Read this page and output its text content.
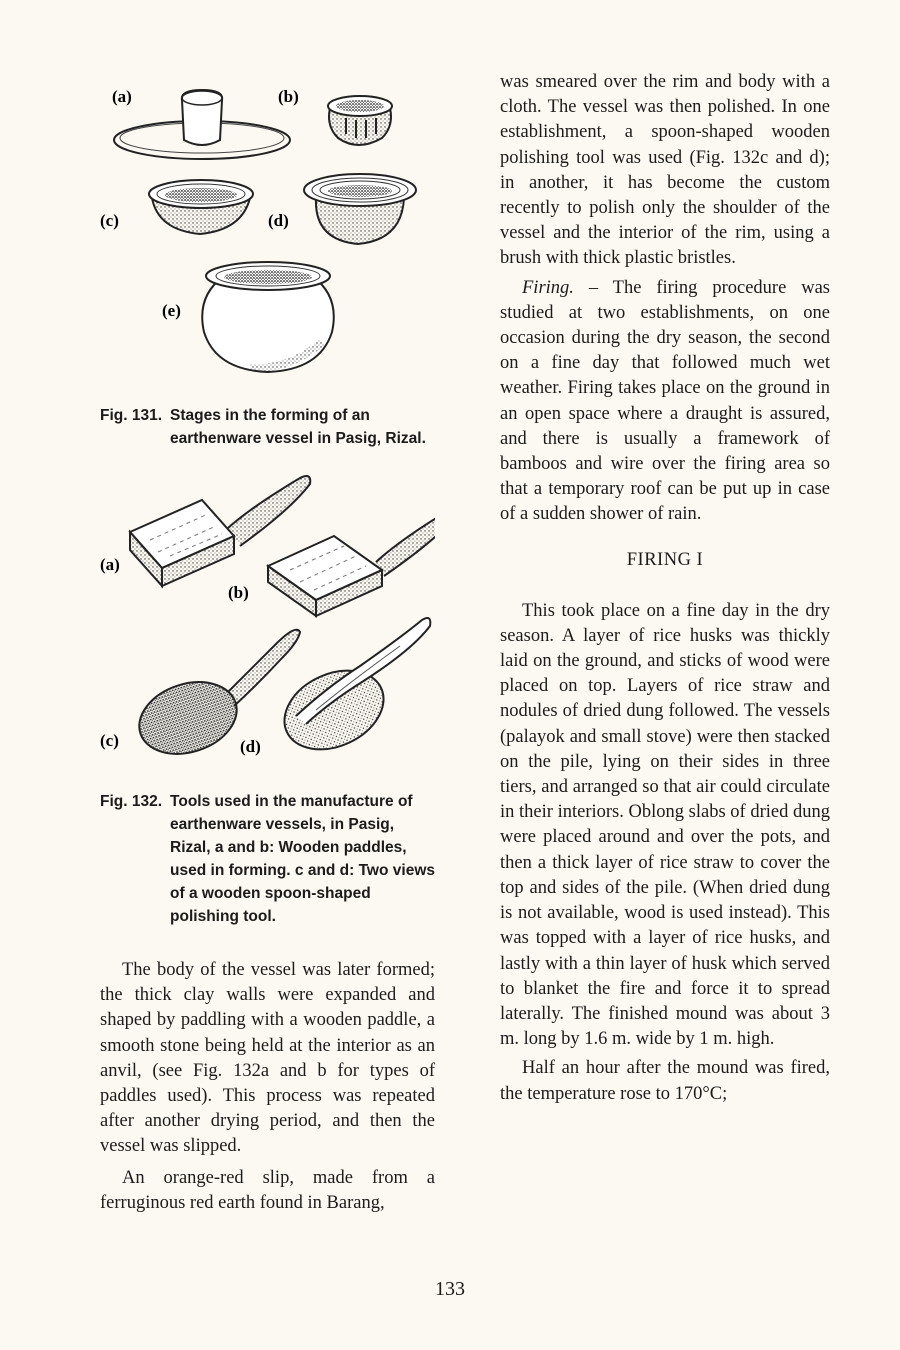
(a)	(b)
(c)	(d)
(e)
Fig. 131. Stages in the forming of an earthenware vessel in Pasig, Rizal.
(a)
(b)
(c)	(d)
Fig. 132. Tools used in the manufacture of earthenware vessels, in Pasig, Rizal, a and b: Wooden paddles, used in forming. c and d: Two views of a wooden spoon-shaped polishing tool.

The body of the vessel was later formed; the thick clay walls were expanded and shaped by paddling with a wooden paddle, a smooth stone being held at the interior as an anvil, (see Fig. 132a and b for types of paddles used). This process was repeated after another drying period, and then the vessel was slipped.

An orange-red slip, made from a ferruginous red earth found in Barang,

was smeared over the rim and body with a cloth. The vessel was then polished. In one establishment, a spoon-shaped wooden polishing tool was used (Fig. 132c and d); in another, it has become the custom recently to polish only the shoulder of the vessel and the interior of the rim, using a brush with thick plastic bristles.

Firing. – The firing procedure was studied at two establishments, on one occasion during the dry season, the second on a fine day that followed much wet weather. Firing takes place on the ground in an open space where a draught is assured, and there is usually a framework of bamboos and wire over the firing area so that a temporary roof can be put up in case of a sudden shower of rain.

FIRING I

This took place on a fine day in the dry season. A layer of rice husks was thickly laid on the ground, and sticks of wood were placed on top. Layers of rice straw and nodules of dried dung followed. The vessels (palayok and small stove) were then stacked on the pile, lying on their sides in three tiers, and arranged so that air could circulate in their interiors. Oblong slabs of dried dung were placed around and over the pots, and then a thick layer of rice straw to cover the top and sides of the pile. (When dried dung is not available, wood is used instead). This was topped with a layer of rice husks, and lastly with a thin layer of husk which served to blanket the fire and force it to spread laterally. The finished mound was about 3 m. long by 1.6 m. wide by 1 m. high.

Half an hour after the mound was fired, the temperature rose to 170°C;

133
